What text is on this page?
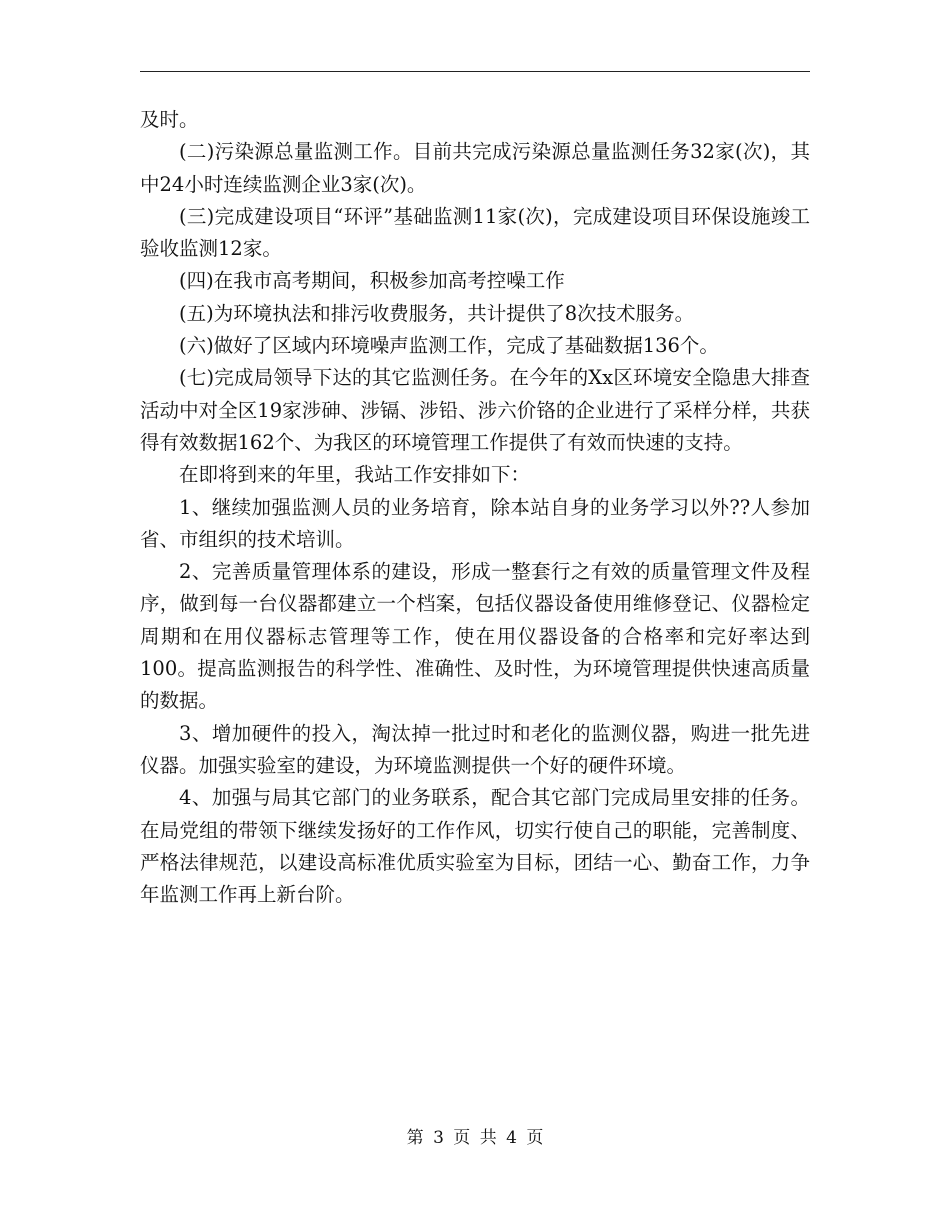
及时。

(二)污染源总量监测工作。目前共完成污染源总量监测任务32家(次)，其中24小时连续监测企业3家(次)。

(三)完成建设项目“环评”基础监测11家(次)，完成建设项目环保设施竣工验收监测12家。

(四)在我市高考期间，积极参加高考控噪工作

(五)为环境执法和排污收费服务，共计提供了8次技术服务。

(六)做好了区域内环境噪声监测工作，完成了基础数据136个。

(七)完成局领导下达的其它监测任务。在今年的Xx区环境安全隐患大排查活动中对全区19家涉砷、涉镉、涉铅、涉六价铬的企业进行了采样分样，共获得有效数据162个、为我区的环境管理工作提供了有效而快速的支持。

在即将到来的年里，我站工作安排如下：

1、继续加强监测人员的业务培育，除本站自身的业务学习以外??人参加省、市组织的技术培训。

2、完善质量管理体系的建设，形成一整套行之有效的质量管理文件及程序，做到每一台仪器都建立一个档案，包括仪器设备使用维修登记、仪器检定周期和在用仪器标志管理等工作，使在用仪器设备的合格率和完好率达到100。提高监测报告的科学性、准确性、及时性，为环境管理提供快速高质量的数据。

3、增加硬件的投入，淘汰掉一批过时和老化的监测仪器，购进一批先进仪器。加强实验室的建设，为环境监测提供一个好的硬件环境。

4、加强与局其它部门的业务联系，配合其它部门完成局里安排的任务。在局党组的带领下继续发扬好的工作作风，切实行使自己的职能，完善制度、严格法律规范，以建设高标准优质实验室为目标，团结一心、勤奋工作，力争年监测工作再上新台阶。

第 3 页 共 4 页
